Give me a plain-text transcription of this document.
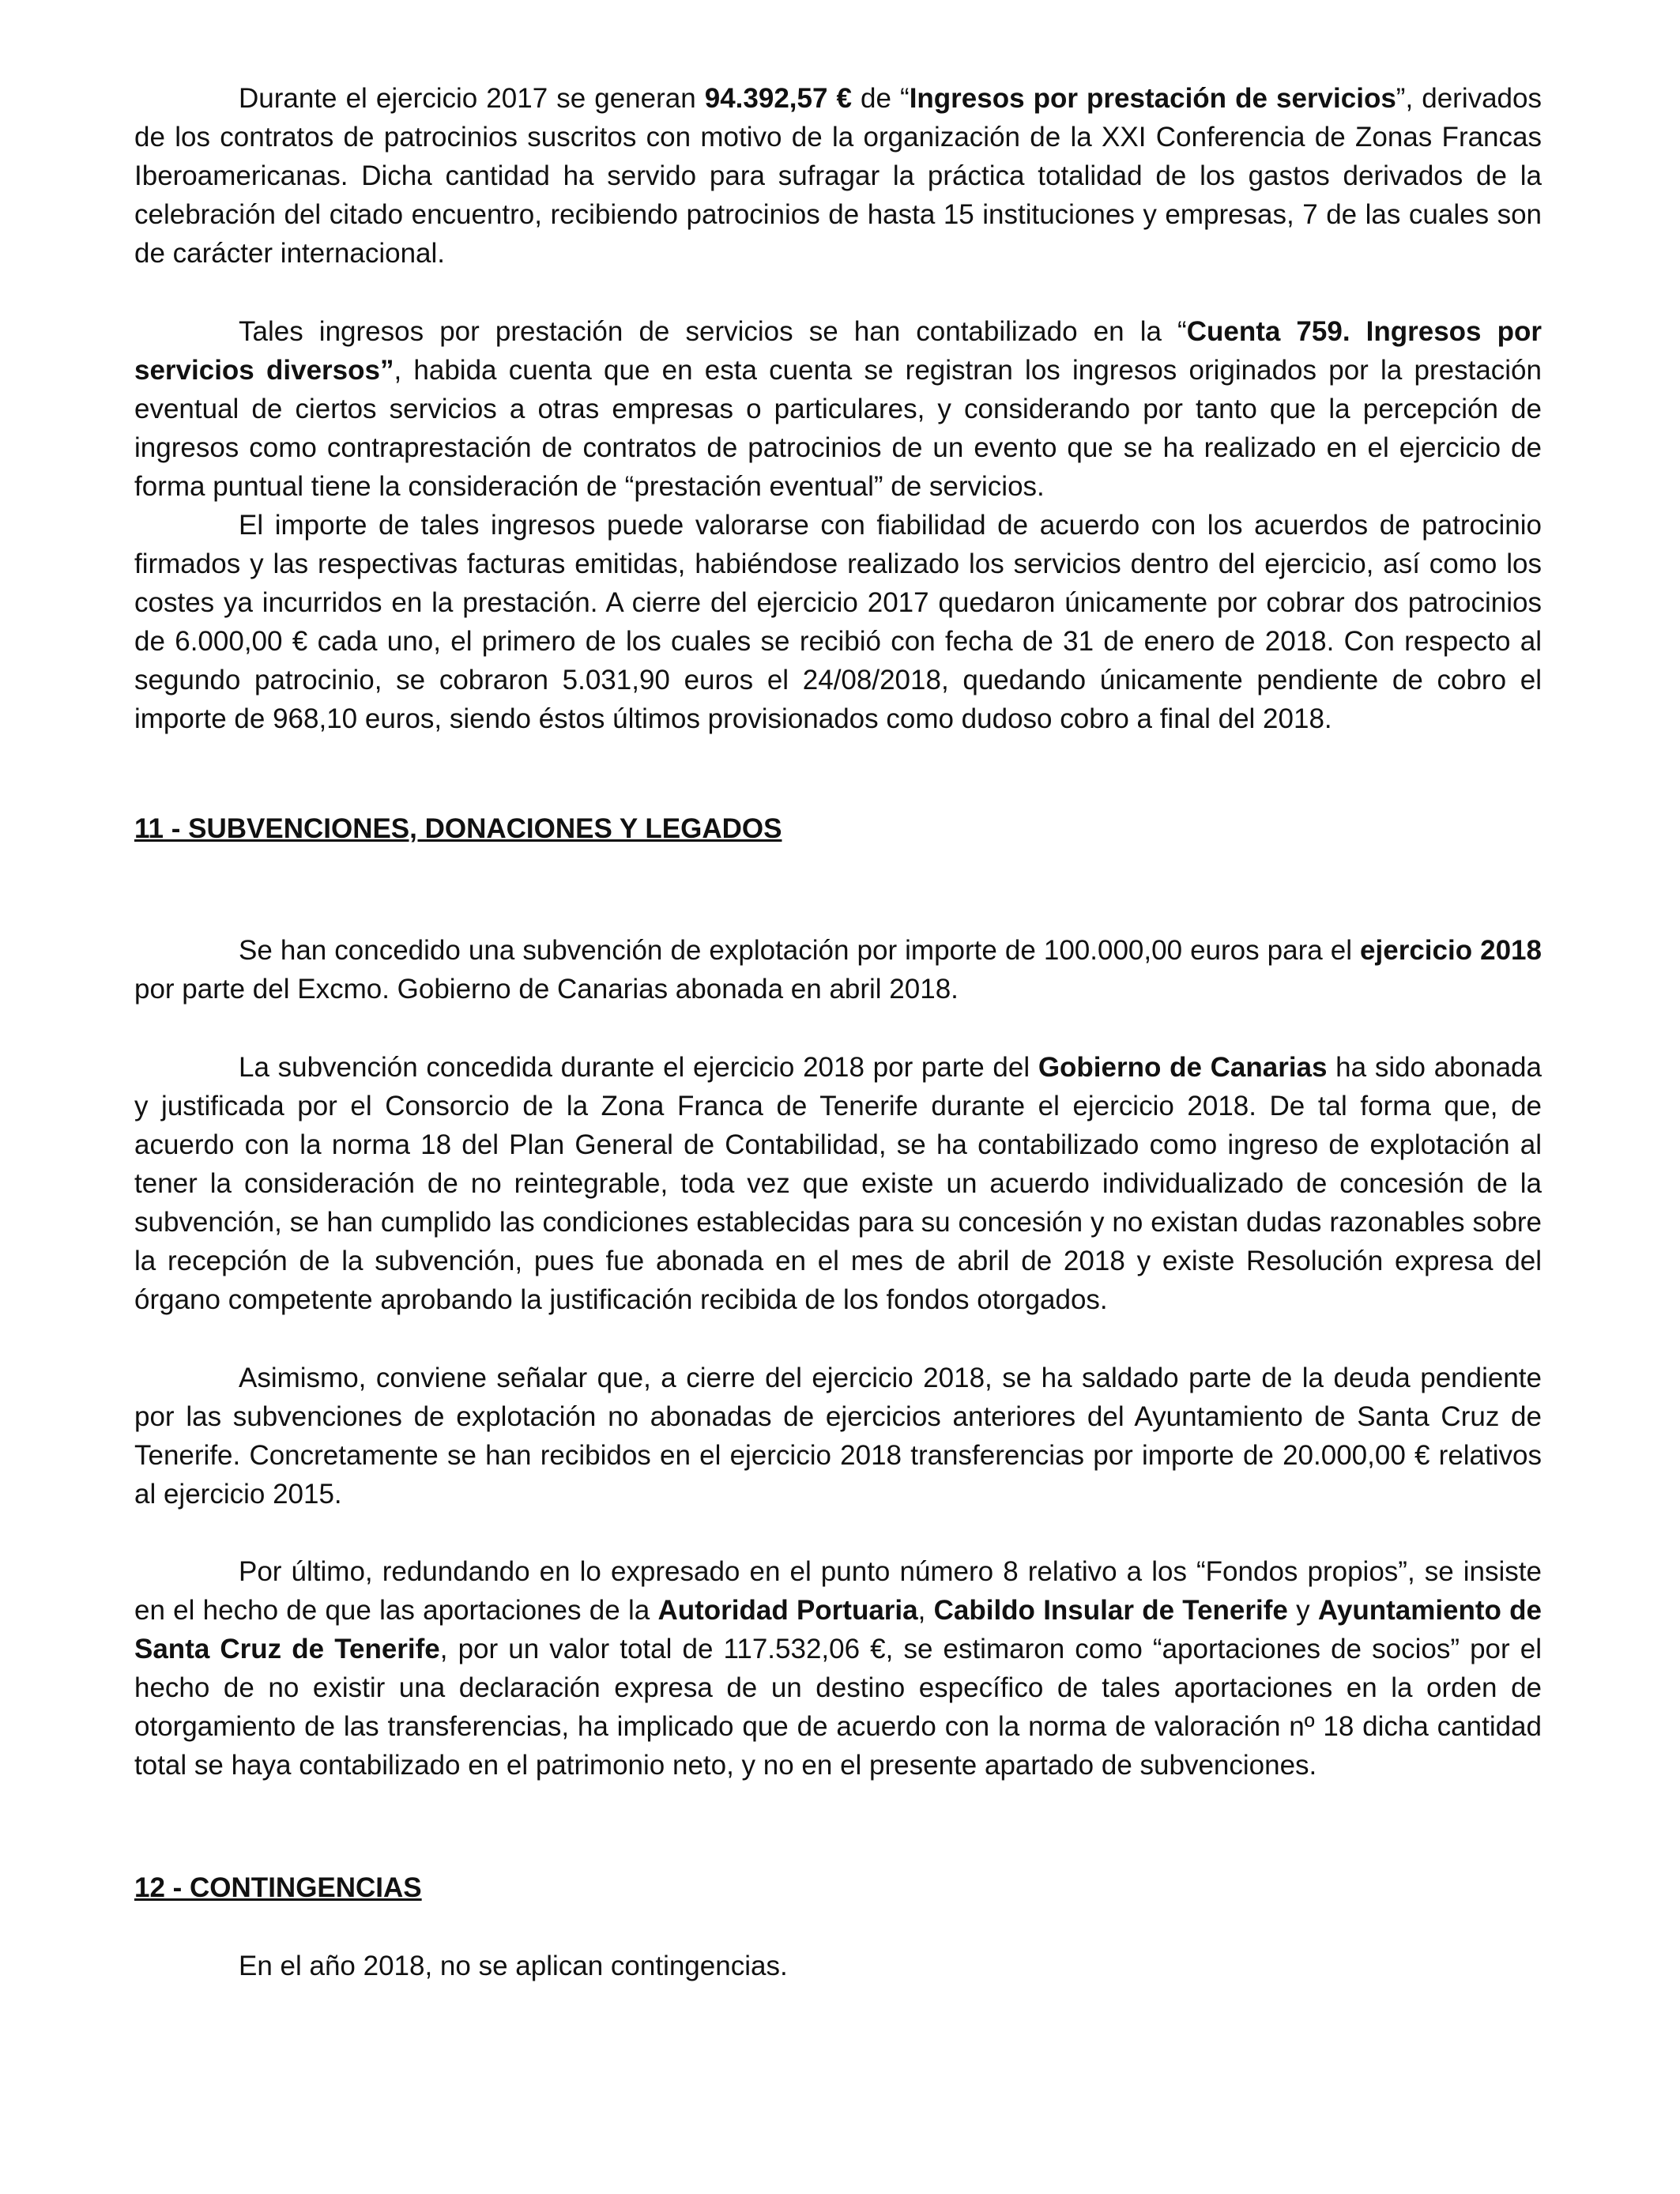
Durante el ejercicio 2017 se generan 94.392,57 € de “Ingresos por prestación de servicios”, derivados de los contratos de patrocinios suscritos con motivo de la organización de la XXI Conferencia de Zonas Francas Iberoamericanas. Dicha cantidad ha servido para sufragar la práctica totalidad de los gastos derivados de la celebración del citado encuentro, recibiendo patrocinios de hasta 15 instituciones y empresas, 7 de las cuales son de carácter internacional.

Tales ingresos por prestación de servicios se han contabilizado en la “Cuenta 759. Ingresos por servicios diversos”, habida cuenta que en esta cuenta se registran los ingresos originados por la prestación eventual de ciertos servicios a otras empresas o particulares, y considerando por tanto que la percepción de ingresos como contraprestación de contratos de patrocinios de un evento que se ha realizado en el ejercicio de forma puntual tiene la consideración de “prestación eventual” de servicios.

El importe de tales ingresos puede valorarse con fiabilidad de acuerdo con los acuerdos de patrocinio firmados y las respectivas facturas emitidas, habiéndose realizado los servicios dentro del ejercicio, así como los costes ya incurridos en la prestación. A cierre del ejercicio 2017 quedaron únicamente por cobrar dos patrocinios de 6.000,00 € cada uno, el primero de los cuales se recibió con fecha de 31 de enero de 2018. Con respecto al segundo patrocinio, se cobraron 5.031,90 euros el 24/08/2018, quedando únicamente pendiente de cobro el importe de 968,10 euros, siendo éstos últimos provisionados como dudoso cobro a final del 2018.

11 - SUBVENCIONES, DONACIONES Y LEGADOS

Se han concedido una subvención de explotación por importe de 100.000,00 euros para el ejercicio 2018 por parte del Excmo. Gobierno de Canarias abonada en abril 2018.

La subvención concedida durante el ejercicio 2018 por parte del Gobierno de Canarias ha sido abonada y justificada por el Consorcio de la Zona Franca de Tenerife durante el ejercicio 2018. De tal forma que, de acuerdo con la norma 18 del Plan General de Contabilidad, se ha contabilizado como ingreso de explotación al tener la consideración de no reintegrable, toda vez que existe un acuerdo individualizado de concesión de la subvención, se han cumplido las condiciones establecidas para su concesión y no existan dudas razonables sobre la recepción de la subvención, pues fue abonada en el mes de abril de 2018 y existe Resolución expresa del órgano competente aprobando la justificación recibida de los fondos otorgados.

Asimismo, conviene señalar que, a cierre del ejercicio 2018, se ha saldado parte de la deuda pendiente por las subvenciones de explotación no abonadas de ejercicios anteriores del Ayuntamiento de Santa Cruz de Tenerife. Concretamente se han recibidos en el ejercicio 2018 transferencias por importe de 20.000,00 € relativos al ejercicio 2015.

Por último, redundando en lo expresado en el punto número 8 relativo a los “Fondos propios”, se insiste en el hecho de que las aportaciones de la Autoridad Portuaria, Cabildo Insular de Tenerife y Ayuntamiento de Santa Cruz de Tenerife, por un valor total de 117.532,06 €, se estimaron como “aportaciones de socios” por el hecho de no existir una declaración expresa de un destino específico de tales aportaciones en la orden de otorgamiento de las transferencias, ha implicado que de acuerdo con la norma de valoración nº 18 dicha cantidad total se haya contabilizado en el patrimonio neto, y no en el presente apartado de subvenciones.

12 - CONTINGENCIAS

En el año 2018, no se aplican contingencias.
